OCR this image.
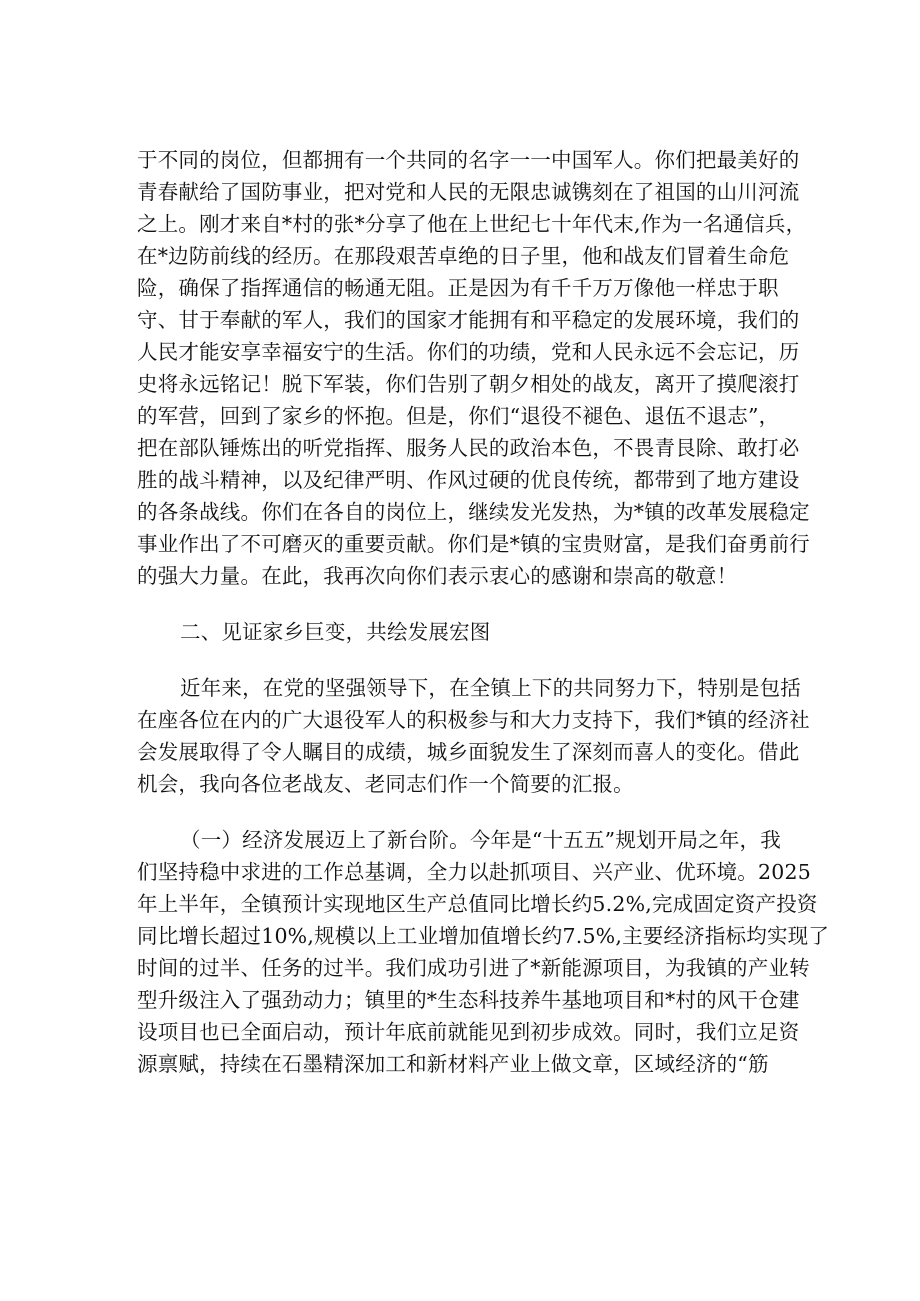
于不同的岗位，但都拥有一个共同的名字一一中国军人。你们把最美好的
青春献给了国防事业，把对党和人民的无限忠诚镌刻在了祖国的山川河流
之上。刚才来自*村的张*分享了他在上世纪七十年代末,作为一名通信兵，
在*边防前线的经历。在那段艰苦卓绝的日子里，他和战友们冒着生命危
险，确保了指挥通信的畅通无阻。正是因为有千千万万像他一样忠于职
守、甘于奉献的军人，我们的国家才能拥有和平稳定的发展环境，我们的
人民才能安享幸福安宁的生活。你们的功绩，党和人民永远不会忘记，历
史将永远铭记！脱下军装，你们告别了朝夕相处的战友，离开了摸爬滚打
的军营，回到了家乡的怀抱。但是，你们“退役不褪色、退伍不退志”，
把在部队锤炼出的听党指挥、服务人民的政治本色，不畏青艮除、敢打必
胜的战斗精神，以及纪律严明、作风过硬的优良传统，都带到了地方建设
的各条战线。你们在各自的岗位上，继续发光发热，为*镇的改革发展稳定
事业作出了不可磨灭的重要贡献。你们是*镇的宝贵财富，是我们奋勇前行
的强大力量。在此，我再次向你们表示衷心的感谢和崇高的敬意！
二、见证家乡巨变，共绘发展宏图
近年来，在党的坚强领导下，在全镇上下的共同努力下，特别是包括
在座各位在内的广大退役军人的积极参与和大力支持下，我们*镇的经济社
会发展取得了令人瞩目的成绩，城乡面貌发生了深刻而喜人的变化。借此
机会，我向各位老战友、老同志们作一个简要的汇报。
（一）经济发展迈上了新台阶。今年是“十五五”规划开局之年，我
们坚持稳中求进的工作总基调，全力以赴抓项目、兴产业、优环境。2025
年上半年，全镇预计实现地区生产总值同比增长约5.2%,完成固定资产投资
同比增长超过10%,规模以上工业增加值增长约7.5%,主要经济指标均实现了
时间的过半、任务的过半。我们成功引进了*新能源项目，为我镇的产业转
型升级注入了强劲动力；镇里的*生态科技养牛基地项目和*村的风干仓建
设项目也已全面启动，预计年底前就能见到初步成效。同时，我们立足资
源禀赋，持续在石墨精深加工和新材料产业上做文章，区域经济的“筋
